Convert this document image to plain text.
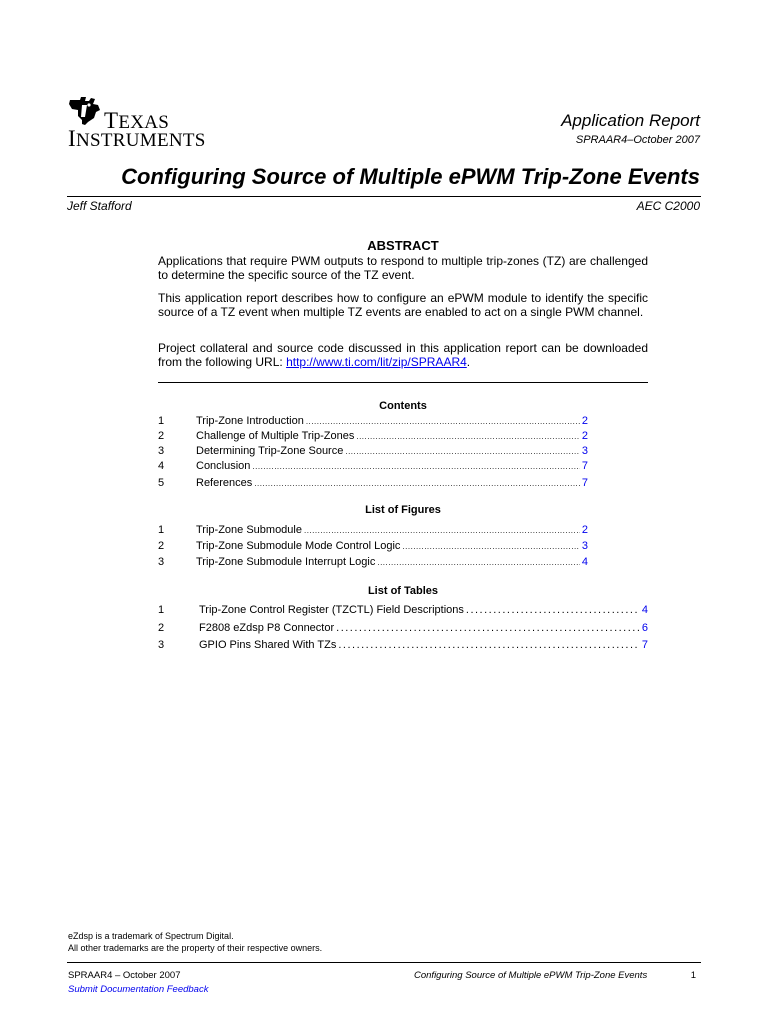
TEXAS
INSTRUMENTS
Application Report
SPRAAR4–October 2007
Configuring Source of Multiple ePWM Trip-Zone Events
Jeff Stafford	AEC C2000
ABSTRACT
Applications that require PWM outputs to respond to multiple trip-zones (TZ) are challenged to determine the specific source of the TZ event.
This application report describes how to configure an ePWM module to identify the specific source of a TZ event when multiple TZ events are enabled to act on a single PWM channel.
Project collateral and source code discussed in this application report can be downloaded from the following URL: http://www.ti.com/lit/zip/SPRAAR4.
Contents
1	Trip-Zone Introduction .....	2
2	Challenge of Multiple Trip-Zones .....	2
3	Determining Trip-Zone Source .....	3
4	Conclusion .....	7
5	References .....	7
List of Figures
1	Trip-Zone Submodule .....	2
2	Trip-Zone Submodule Mode Control Logic .....	3
3	Trip-Zone Submodule Interrupt Logic .....	4
List of Tables
1	Trip-Zone Control Register (TZCTL) Field Descriptions .....	4
2	F2808 eZdsp P8 Connector .....	6
3	GPIO Pins Shared With TZs .....	7
eZdsp is a trademark of Spectrum Digital.
All other trademarks are the property of their respective owners.
SPRAAR4 – October 2007
Submit Documentation Feedback
Configuring Source of Multiple ePWM Trip-Zone Events	1
